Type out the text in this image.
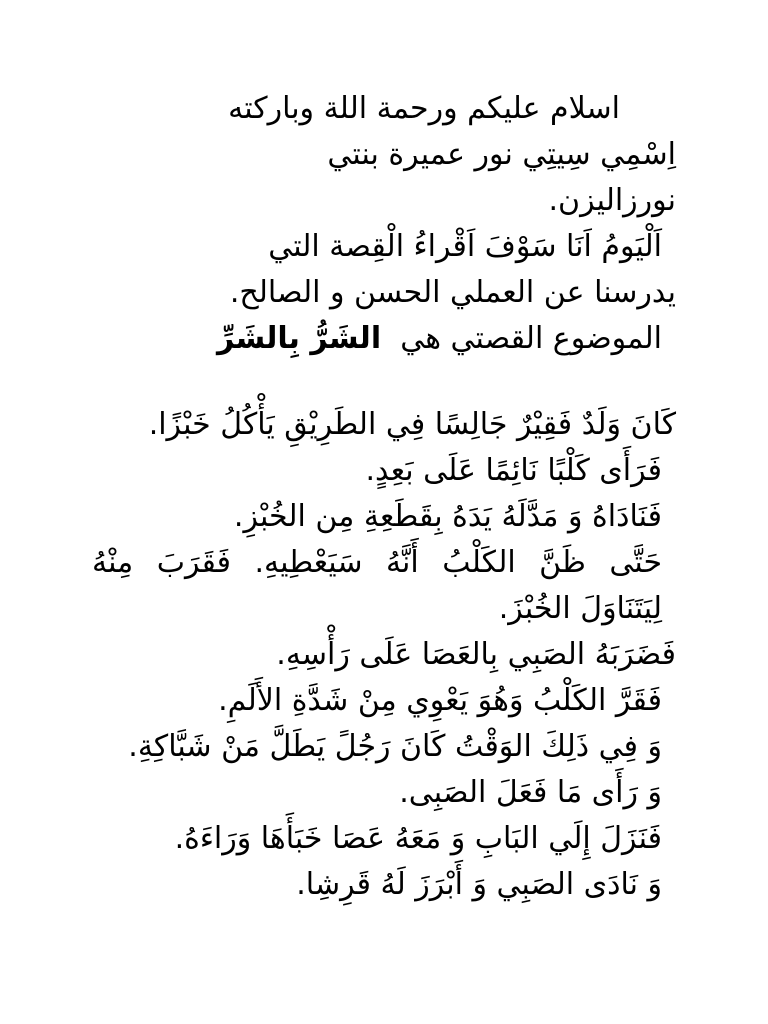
اسلام عليكم ورحمة اللة وباركته
اِسْمِي سِيتِي نور عميرة بنتي
نورزاليزن.
اَلْيَومُ اَنَا سَوْفَ اَقْراءُ الْقِصة التي
يدرسنا عن العملي الحسن و الصالح.
الموضوع القصتي هي  الشَرُّ بِالشَرِّ
كَانَ وَلَدٌ فَقِيْرٌ جَالِسًا فِي الطَرِيْقِ يَأْكُلُ خَبْزًا.
فَرَأَى كَلْبًا نَائِمًا عَلَى بَعِدٍ.
فَنَادَاهُ وَ مَدَّلَهُ يَدَهُ بِقَطَعِةِ مِن الخُبْزِ.
حَتَّى ظَنَّ الكَلْبُ أَنَّهُ سَيَعْطِيهِ. فَقَرَبَ مِنْهُ لِيَتَنَاوَلَ الخُبْزَ.
فَضَرَبَهُ الصَبِي بِالعَصَا عَلَى رَأْسِهِ.
فَقَرَّ الكَلْبُ وَهُوَ يَعْوِي مِنْ شَدَّةِ الأَلَمِ.
وَ فِي ذَلِكَ الوَقْتُ كَانَ رَجُلً يَطَلَّ مَنْ شَبَّاكِةِ.
وَ رَأَى مَا فَعَلَ الصَبِى.
فَنَزَلَ إِلَي البَابِ وَ مَعَهُ عَصَا خَبَأَهَا وَرَاءَهُ.
وَ نَادَى الصَبِي وَ أَبْرَزَ لَهُ قَرِشِا.
